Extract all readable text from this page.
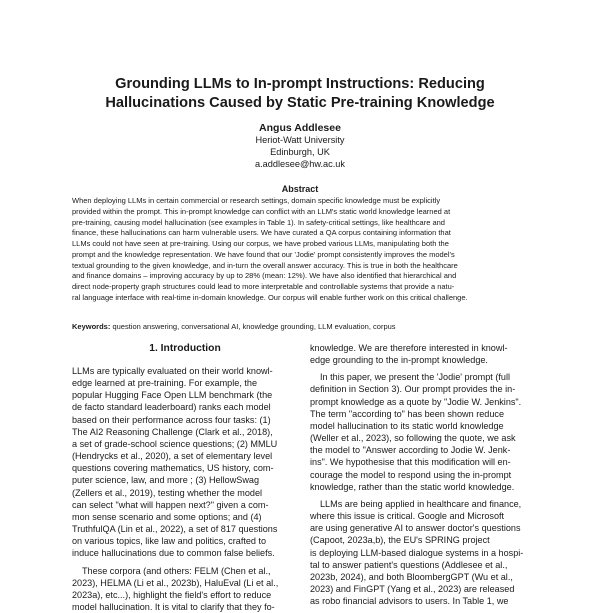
Grounding LLMs to In-prompt Instructions: Reducing
Hallucinations Caused by Static Pre-training Knowledge
Angus Addlesee
Heriot-Watt University
Edinburgh, UK
a.addlesee@hw.ac.uk
Abstract
When deploying LLMs in certain commercial or research settings, domain specific knowledge must be explicitly
provided within the prompt. This in-prompt knowledge can conflict with an LLM's static world knowledge learned at
pre-training, causing model hallucination (see examples in Table 1). In safety-critical settings, like healthcare and
finance, these hallucinations can harm vulnerable users. We have curated a QA corpus containing information that
LLMs could not have seen at pre-training. Using our corpus, we have probed various LLMs, manipulating both the
prompt and the knowledge representation. We have found that our 'Jodie' prompt consistently improves the model's
textual grounding to the given knowledge, and in-turn the overall answer accuracy. This is true in both the healthcare
and finance domains – improving accuracy by up to 28% (mean: 12%). We have also identified that hierarchical and
direct node-property graph structures could lead to more interpretable and controllable systems that provide a natu-
ral language interface with real-time in-domain knowledge. Our corpus will enable further work on this critical challenge.
Keywords: question answering, conversational AI, knowledge grounding, LLM evaluation, corpus
1. Introduction
LLMs are typically evaluated on their world knowl-
edge learned at pre-training. For example, the
popular Hugging Face Open LLM benchmark (the
de facto standard leaderboard) ranks each model
based on their performance across four tasks: (1)
The AI2 Reasoning Challenge (Clark et al., 2018),
a set of grade-school science questions; (2) MMLU
(Hendrycks et al., 2020), a set of elementary level
questions covering mathematics, US history, com-
puter science, law, and more ; (3) HellowSwag
(Zellers et al., 2019), testing whether the model
can select "what will happen next?" given a com-
mon sense scenario and some options; and (4)
TruthfulQA (Lin et al., 2022), a set of 817 questions
on various topics, like law and politics, crafted to
induce hallucinations due to common false beliefs.
These corpora (and others: FELM (Chen et al.,
2023), HELMA (Li et al., 2023b), HaluEval (Li et al.,
2023a), etc...), highlight the field's effort to reduce
model hallucination. It is vital to clarify that they fo-
knowledge. We are therefore interested in knowl-
edge grounding to the in-prompt knowledge.
In this paper, we present the 'Jodie' prompt (full
definition in Section 3). Our prompt provides the in-
prompt knowledge as a quote by "Jodie W. Jenkins".
The term "according to" has been shown reduce
model hallucination to its static world knowledge
(Weller et al., 2023), so following the quote, we ask
the model to "Answer according to Jodie W. Jenk-
ins". We hypothesise that this modification will en-
courage the model to respond using the in-prompt
knowledge, rather than the static world knowledge.
LLMs are being applied in healthcare and finance,
where this issue is critical. Google and Microsoft
are using generative AI to answer doctor's questions
(Capoot, 2023a,b), the EU's SPRING project
is deploying LLM-based dialogue systems in a hospi-
tal to answer patient's questions (Addlesee et al.,
2023b, 2024), and both BloombergGPT (Wu et al.,
2023) and FinGPT (Yang et al., 2023) are released
as robo financial advisors to users. In Table 1, we
